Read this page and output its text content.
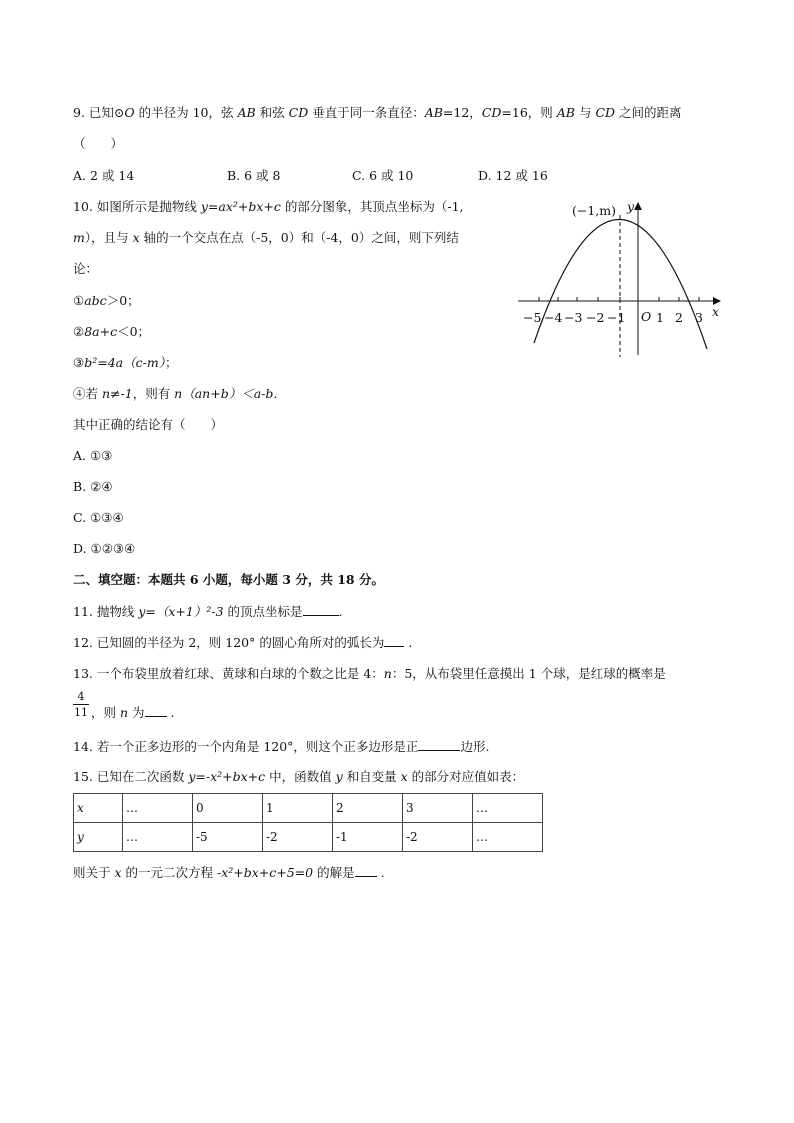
9. 已知⊙O 的半径为 10，弦 AB 和弦 CD 垂直于同一条直径：AB=12，CD=16，则 AB 与 CD 之间的距离
（　　）
A. 2 或 14	B. 6 或 8	C. 6 或 10	D. 12 或 16
10. 如图所示是抛物线 y=ax²+bx+c 的部分图象，其顶点坐标为（-1,
m），且与 x 轴的一个交点在点（-5，0）和（-4，0）之间，则下列结
论：
①abc＞0；
②8a+c＜0；
③b²=4a（c-m）；
④若 n≠-1，则有 n（an+b）＜a-b.
其中正确的结论有（　　）
A. ①③
B. ②④
C. ①③④
D. ①②③④
(−1,m) y
x
O
−5 −4 −3 −2 −1 1 2 3
二、填空题：本题共 6 小题，每小题 3 分，共 18 分。
11. 抛物线 y=（x+1）²-3 的顶点坐标是	.
12. 已知圆的半径为 2，则 120° 的圆心角所对的弧长为 .
13. 一个布袋里放着红球、黄球和白球的个数之比是 4：n：5，从布袋里任意摸出 1 个球，是红球的概率是
$\frac{4}{11}$ ，则 n 为 .
14. 若一个正多边形的一个内角是 120°，则这个正多边形是正	边形.
15. 已知在二次函数 y=-x²+bx+c 中，函数值 y 和自变量 x 的部分对应值如表：
x	…	0	1	2	3	…
y	…	-5	-2	-1	-2	…
则关于 x 的一元二次方程 -x²+bx+c+5=0 的解是 .
